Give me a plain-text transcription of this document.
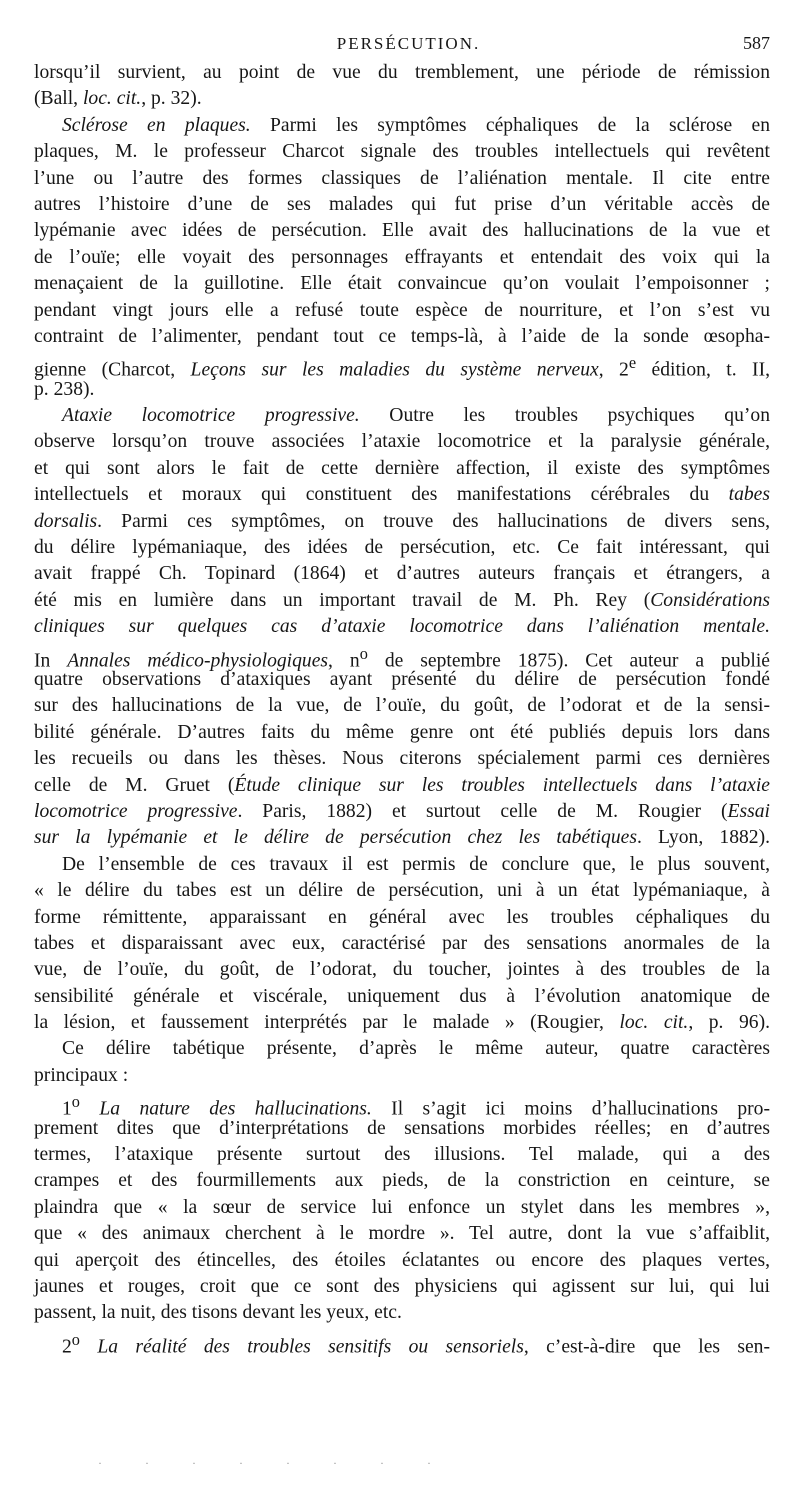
PERSÉCUTION.	587
lorsqu’il survient, au point de vue du tremblement, une période de rémission
(Ball, loc. cit., p. 32).
Sclérose en plaques. Parmi les symptômes céphaliques de la sclérose en
plaques, M. le professeur Charcot signale des troubles intellectuels qui revêtent
l’une ou l’autre des formes classiques de l’aliénation mentale. Il cite entre
autres l’histoire d’une de ses malades qui fut prise d’un véritable accès de
lypémanie avec idées de persécution. Elle avait des hallucinations de la vue et
de l’ouïe; elle voyait des personnages effrayants et entendait des voix qui la
menaçaient de la guillotine. Elle était convaincue qu’on voulait l’empoisonner ;
pendant vingt jours elle a refusé toute espèce de nourriture, et l’on s’est vu
contraint de l’alimenter, pendant tout ce temps-là, à l’aide de la sonde œsopha-
gienne (Charcot, Leçons sur les maladies du système nerveux, 2e édition, t. II,
p. 238).
Ataxie locomotrice progressive. Outre les troubles psychiques qu’on
observe lorsqu’on trouve associées l’ataxie locomotrice et la paralysie générale,
et qui sont alors le fait de cette dernière affection, il existe des symptômes
intellectuels et moraux qui constituent des manifestations cérébrales du tabes
dorsalis. Parmi ces symptômes, on trouve des hallucinations de divers sens,
du délire lypémaniaque, des idées de persécution, etc. Ce fait intéressant, qui
avait frappé Ch. Topinard (1864) et d’autres auteurs français et étrangers, a
été mis en lumière dans un important travail de M. Ph. Rey (Considérations
cliniques sur quelques cas d’ataxie locomotrice dans l’aliénation mentale.
In Annales médico-physiologiques, $n^o$ de septembre 1875). Cet auteur a publié
quatre observations d’ataxiques ayant présenté du délire de persécution fondé
sur des hallucinations de la vue, de l’ouïe, du goût, de l’odorat et de la sensi-
bilité générale. D’autres faits du même genre ont été publiés depuis lors dans
les recueils ou dans les thèses. Nous citerons spécialement parmi ces dernières
celle de M. Gruet (Étude clinique sur les troubles intellectuels dans l’ataxie
locomotrice progressive. Paris, 1882) et surtout celle de M. Rougier (Essai
sur la lypémanie et le délire de persécution chez les tabétiques. Lyon, 1882).
De l’ensemble de ces travaux il est permis de conclure que, le plus souvent,
« le délire du tabes est un délire de persécution, uni à un état lypémaniaque, à
forme rémittente, apparaissant en général avec les troubles céphaliques du
tabes et disparaissant avec eux, caractérisé par des sensations anormales de la
vue, de l’ouïe, du goût, de l’odorat, du toucher, jointes à des troubles de la
sensibilité générale et viscérale, uniquement dus à l’évolution anatomique de
la lésion, et faussement interprétés par le malade » (Rougier, loc. cit., p. 96).
Ce délire tabétique présente, d’après le même auteur, quatre caractères
principaux :
1$^o$ La nature des hallucinations. Il s’agit ici moins d’hallucinations pro-
prement dites que d’interprétations de sensations morbides réelles; en d’autres
termes, l’ataxique présente surtout des illusions. Tel malade, qui a des
crampes et des fourmillements aux pieds, de la constriction en ceinture, se
plaindra que « la sœur de service lui enfonce un stylet dans les membres »,
que « des animaux cherchent à le mordre ». Tel autre, dont la vue s’affaiblit,
qui aperçoit des étincelles, des étoiles éclatantes ou encore des plaques vertes,
jaunes et rouges, croit que ce sont des physiciens qui agissent sur lui, qui lui
passent, la nuit, des tisons devant les yeux, etc.
2$^o$ La réalité des troubles sensitifs ou sensoriels, c’est-à-dire que les sen-
· · · · · · · ·
